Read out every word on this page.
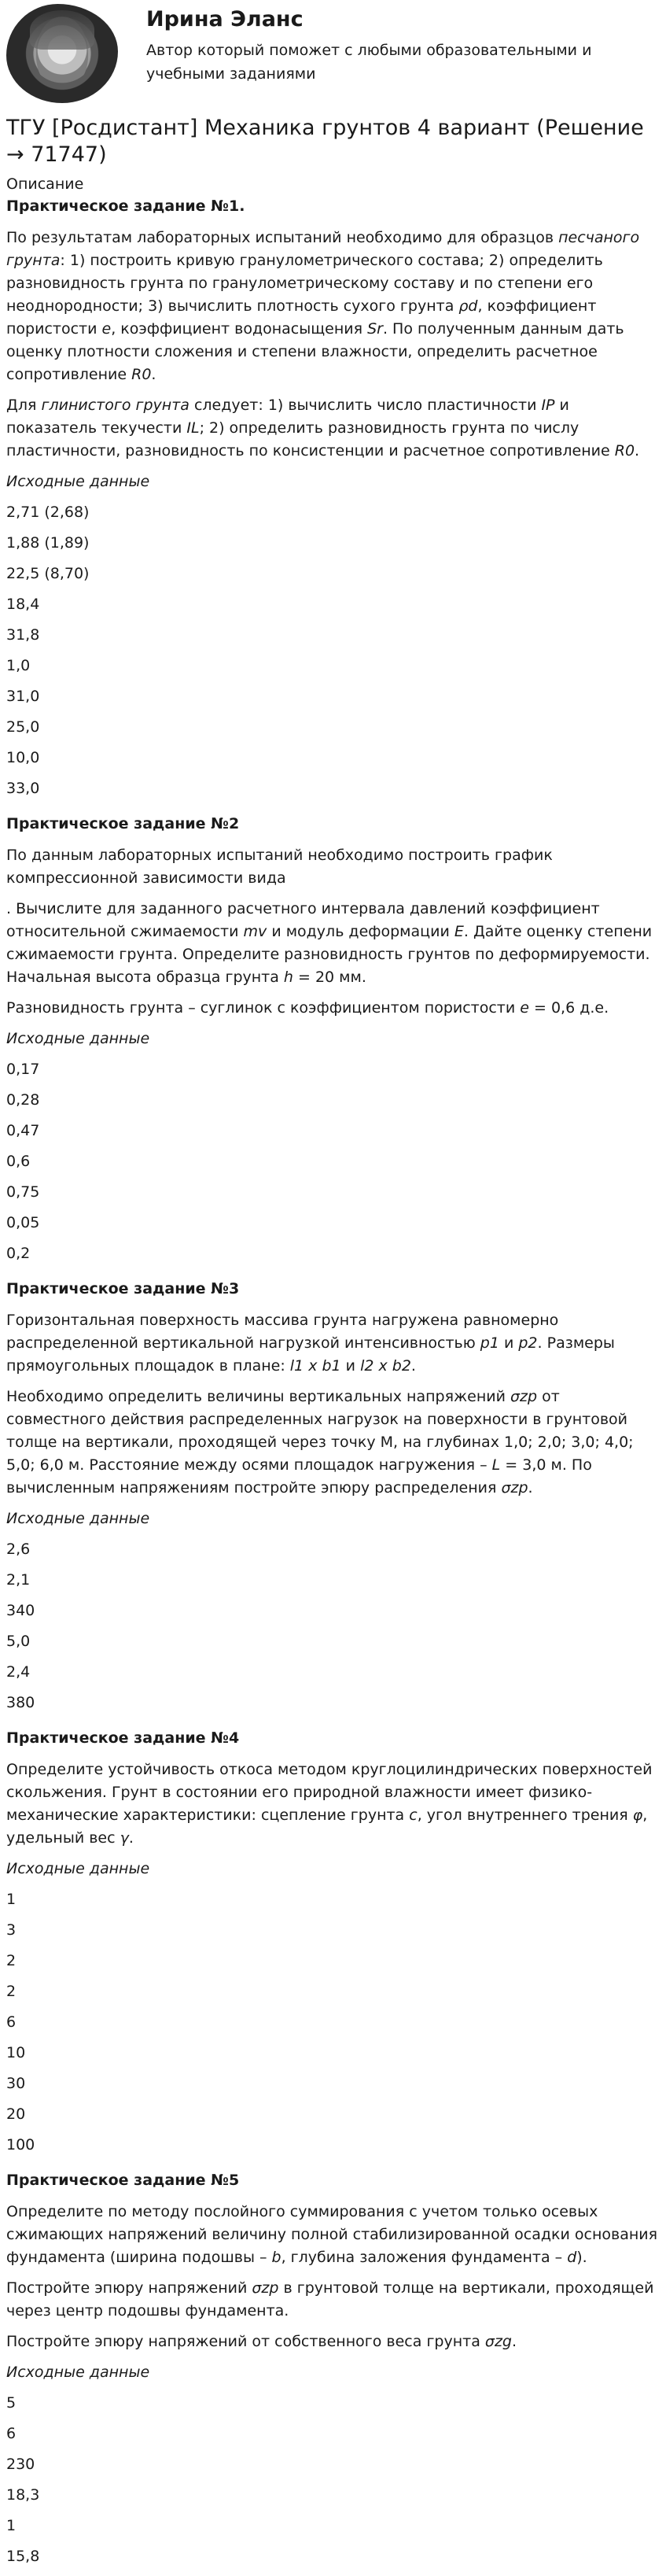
Ирина Эланс
Автор который поможет с любыми образовательными и учебными заданиями
ТГУ [Росдистант] Механика грунтов 4 вариант (Решение → 71747)
Описание
Практическое задание №1.

По результатам лабораторных испытаний необходимо для образцов песчаного грунта: 1) построить кривую гранулометрического состава; 2) определить разновидность грунта по гранулометрическому составу и по степени его неоднородности; 3) вычислить плотность сухого грунта ρd, коэффициент пористости e, коэффициент водонасыщения Sr. По полученным данным дать оценку плотности сложения и степени влажности, определить расчетное сопротивление R0.

Для глинистого грунта следует: 1) вычислить число пластичности IP и показатель текучести IL; 2) определить разновидность грунта по числу пластичности, разновидность по консистенции и расчетное сопротивление R0.

Исходные данные
2,71 (2,68)
1,88 (1,89)
22,5 (8,70)
18,4
31,8
1,0
31,0
25,0
10,0
33,0
Практическое задание №2

По данным лабораторных испытаний необходимо построить график компрессионной зависимости вида

. Вычислите для заданного расчетного интервала давлений коэффициент относительной сжимаемости mv и модуль деформации E. Дайте оценку степени сжимаемости грунта. Определите разновидность грунтов по деформируемости. Начальная высота образца грунта h = 20 мм.

Разновидность грунта – суглинок с коэффициентом пористости e = 0,6 д.е.

Исходные данные
0,17
0,28
0,47
0,6
0,75
0,05
0,2
Практическое задание №3

Горизонтальная поверхность массива грунта нагружена равномерно распределенной вертикальной нагрузкой интенсивностью p1 и p2. Размеры прямоугольных площадок в плане: l1 x b1 и l2 x b2.

Необходимо определить величины вертикальных напряжений σzp от совместного действия распределенных нагрузок на поверхности в грунтовой толще на вертикали, проходящей через точку М, на глубинах 1,0; 2,0; 3,0; 4,0; 5,0; 6,0 м. Расстояние между осями площадок нагружения – L = 3,0 м. По вычисленным напряжениям постройте эпюру распределения σzp.

Исходные данные
2,6
2,1
340
5,0
2,4
380
Практическое задание №4

Определите устойчивость откоса методом круглоцилиндрических поверхностей скольжения. Грунт в состоянии его природной влажности имеет физико-механические характеристики: сцепление грунта c, угол внутреннего трения φ, удельный вес γ.

Исходные данные
1
3
2
2
6
10
30
20
100
Практическое задание №5

Определите по методу послойного суммирования с учетом только осевых сжимающих напряжений величину полной стабилизированной осадки основания фундамента (ширина подошвы – b, глубина заложения фундамента – d).

Постройте эпюру напряжений σzp в грунтовой толще на вертикали, проходящей через центр подошвы фундамента.

Постройте эпюру напряжений от собственного веса грунта σzg.

Исходные данные
5
6
230
18,3
1
15,8
